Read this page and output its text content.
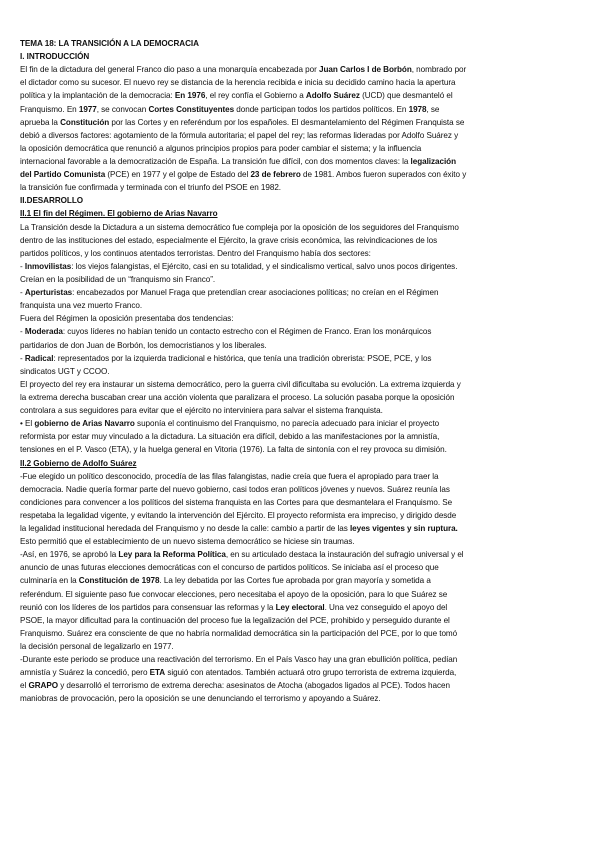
TEMA 18: LA TRANSICIÓN A LA DEMOCRACIA
I. INTRODUCCIÓN
El fin de la dictadura del general Franco dio paso a una monarquía encabezada por Juan Carlos I de Borbón, nombrado por
el dictador como su sucesor. El nuevo rey se distancia de la herencia recibida e inicia su decidido camino hacia la apertura
política y la implantación de la democracia: En 1976, el rey confía el Gobierno a Adolfo Suárez (UCD) que desmanteló el
Franquismo. En 1977, se convocan Cortes Constituyentes donde participan todos los partidos políticos. En 1978, se
aprueba la Constitución por las Cortes y en referéndum por los españoles. El desmantelamiento del Régimen Franquista se
debió a diversos factores: agotamiento de la fórmula autoritaria; el papel del rey; las reformas lideradas por Adolfo Suárez y
la oposición democrática que renunció a algunos principios propios para poder cambiar el sistema; y la influencia
internacional favorable a la democratización de España. La transición fue difícil, con dos momentos claves: la legalización
del Partido Comunista (PCE) en 1977 y el golpe de Estado del 23 de febrero de 1981. Ambos fueron superados con éxito y
la transición fue confirmada y terminada con el triunfo del PSOE en 1982.
II.DESARROLLO
II.1 El fin del Régimen. El gobierno de Arias Navarro
La Transición desde la Dictadura a un sistema democrático fue compleja por la oposición de los seguidores del Franquismo
dentro de las instituciones del estado, especialmente el Ejército, la grave crisis económica, las reivindicaciones de los
partidos políticos, y los continuos atentados terroristas. Dentro del Franquismo había dos sectores:
- Inmovilistas: los viejos falangistas, el Ejército, casi en su totalidad, y el sindicalismo vertical, salvo unos pocos dirigentes.
Creían en la posibilidad de un “franquismo sin Franco”.
- Aperturistas: encabezados por Manuel Fraga que pretendían crear asociaciones políticas; no creían en el Régimen
franquista una vez muerto Franco.
Fuera del Régimen la oposición presentaba dos tendencias:
- Moderada: cuyos líderes no habían tenido un contacto estrecho con el Régimen de Franco. Eran los monárquicos
partidarios de don Juan de Borbón, los democristianos y los liberales.
- Radical: representados por la izquierda tradicional e histórica, que tenía una tradición obrerista: PSOE, PCE, y los
sindicatos UGT y CCOO.
El proyecto del rey era instaurar un sistema democrático, pero la guerra civil dificultaba su evolución. La extrema izquierda y
la extrema derecha buscaban crear una acción violenta que paralizara el proceso. La solución pasaba porque la oposición
controlara a sus seguidores para evitar que el ejército no interviniera para salvar el sistema franquista.
• El gobierno de Arias Navarro suponía el continuismo del Franquismo, no parecía adecuado para iniciar el proyecto
reformista por estar muy vinculado a la dictadura. La situación era difícil, debido a las manifestaciones por la amnistía,
tensiones en el P. Vasco (ETA), y la huelga general en Vitoria (1976). La falta de sintonía con el rey provoca su dimisión.
II.2 Gobierno de Adolfo Suárez
-Fue elegido un político desconocido, procedía de las filas falangistas, nadie creía que fuera el apropiado para traer la
democracia. Nadie quería formar parte del nuevo gobierno, casi todos eran políticos jóvenes y nuevos. Suárez reunía las
condiciones para convencer a los políticos del sistema franquista en las Cortes para que desmantelara el Franquismo. Se
respetaba la legalidad vigente, y evitando la intervención del Ejército. El proyecto reformista era impreciso, y dirigido desde
la legalidad institucional heredada del Franquismo y no desde la calle: cambio a partir de las leyes vigentes y sin ruptura.
Esto permitió que el establecimiento de un nuevo sistema democrático se hiciese sin traumas.
-Así, en 1976, se aprobó la Ley para la Reforma Política, en su articulado destaca la instauración del sufragio universal y el
anuncio de unas futuras elecciones democráticas con el concurso de partidos políticos. Se iniciaba así el proceso que
culminaría en la Constitución de 1978. La ley debatida por las Cortes fue aprobada por gran mayoría y sometida a
referéndum. El siguiente paso fue convocar elecciones, pero necesitaba el apoyo de la oposición, para lo que Suárez se
reunió con los líderes de los partidos para consensuar las reformas y la Ley electoral. Una vez conseguido el apoyo del
PSOE, la mayor dificultad para la continuación del proceso fue la legalización del PCE, prohibido y perseguido durante el
Franquismo. Suárez era consciente de que no habría normalidad democrática sin la participación del PCE, por lo que tomó
la decisión personal de legalizarlo en 1977.
-Durante este periodo se produce una reactivación del terrorismo. En el País Vasco hay una gran ebullición política, pedían
amnistía y Suárez la concedió, pero ETA siguió con atentados. También actuará otro grupo terrorista de extrema izquierda,
el GRAPO y desarrolló el terrorismo de extrema derecha: asesinatos de Atocha (abogados ligados al PCE). Todos hacen
maniobras de provocación, pero la oposición se une denunciando el terrorismo y apoyando a Suárez.
